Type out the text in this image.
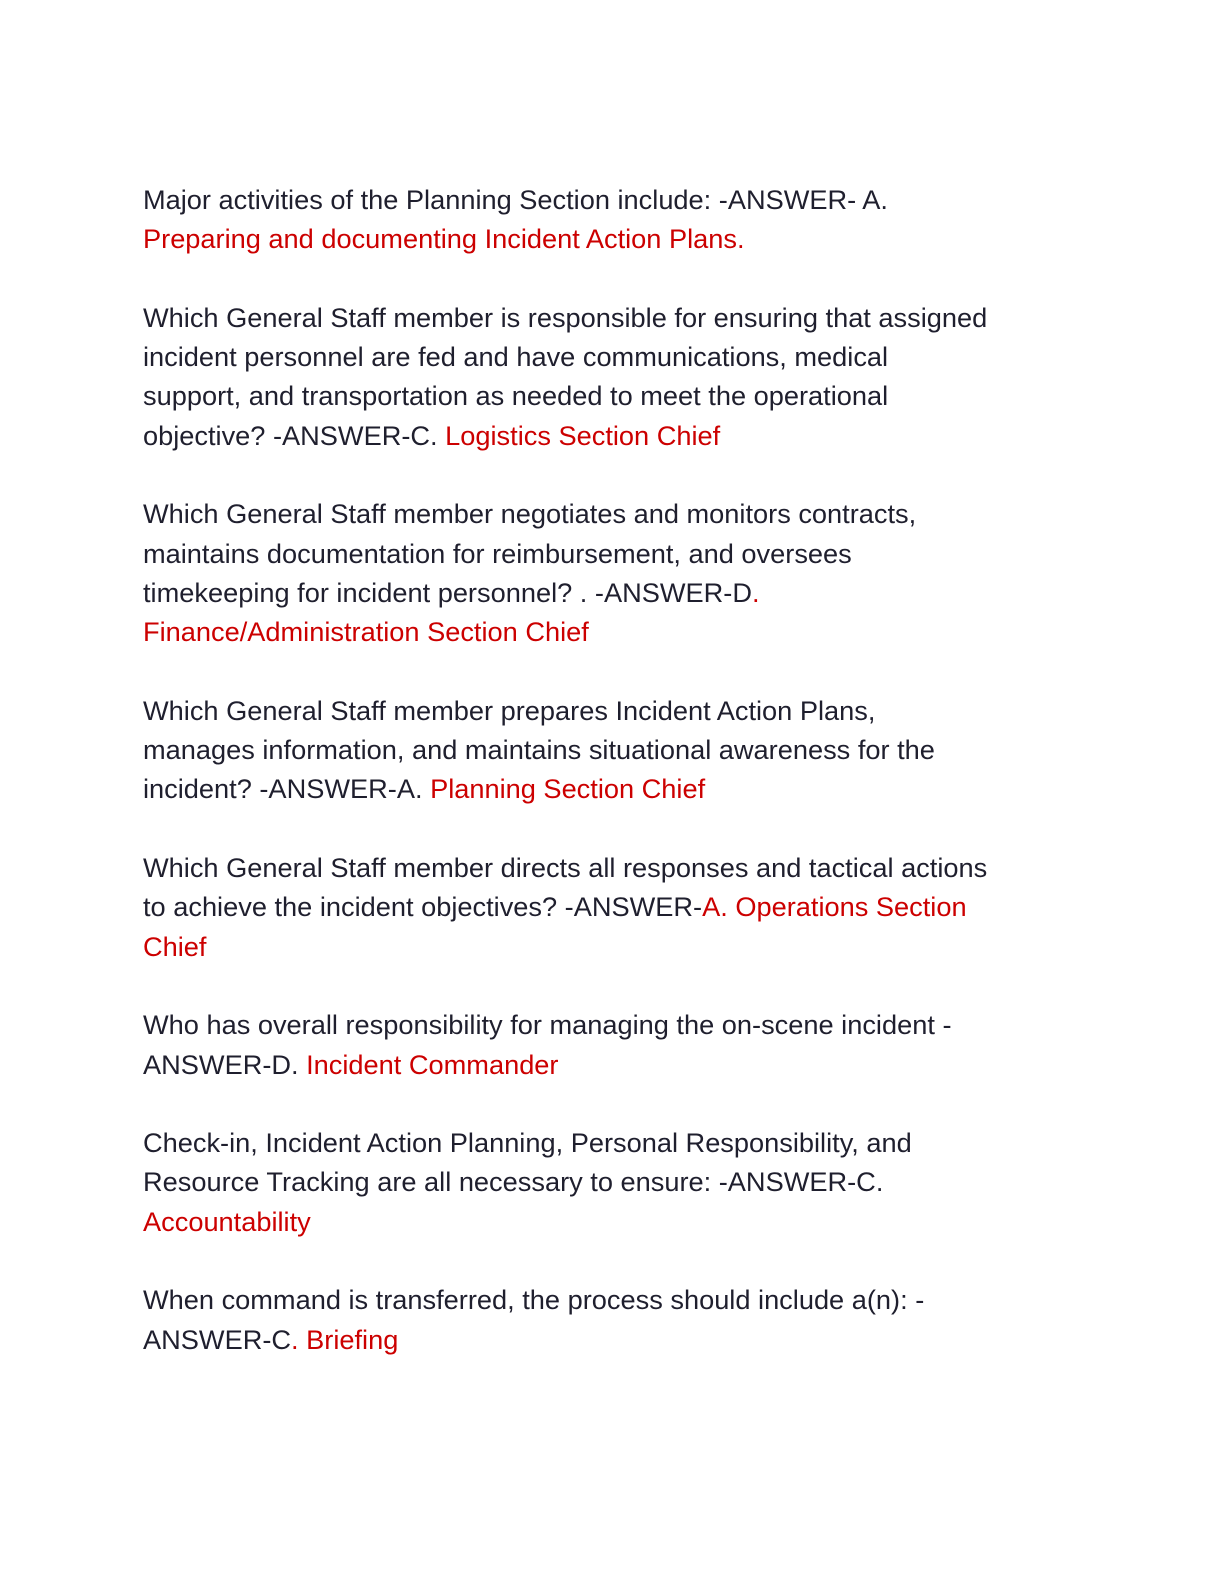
Major activities of the Planning Section include: -ANSWER- A.
Preparing and documenting Incident Action Plans.
Which General Staff member is responsible for ensuring that assigned
incident personnel are fed and have communications, medical
support, and transportation as needed to meet the operational
objective? -ANSWER-C. Logistics Section Chief
Which General Staff member negotiates and monitors contracts,
maintains documentation for reimbursement, and oversees
timekeeping for incident personnel? . -ANSWER-D.
Finance/Administration Section Chief
Which General Staff member prepares Incident Action Plans,
manages information, and maintains situational awareness for the
incident? -ANSWER-A. Planning Section Chief
Which General Staff member directs all responses and tactical actions
to achieve the incident objectives? -ANSWER-A. Operations Section
Chief
Who has overall responsibility for managing the on-scene incident -
ANSWER-D. Incident Commander
Check-in, Incident Action Planning, Personal Responsibility, and
Resource Tracking are all necessary to ensure: -ANSWER-C.
Accountability
When command is transferred, the process should include a(n): -
ANSWER-C. Briefing
